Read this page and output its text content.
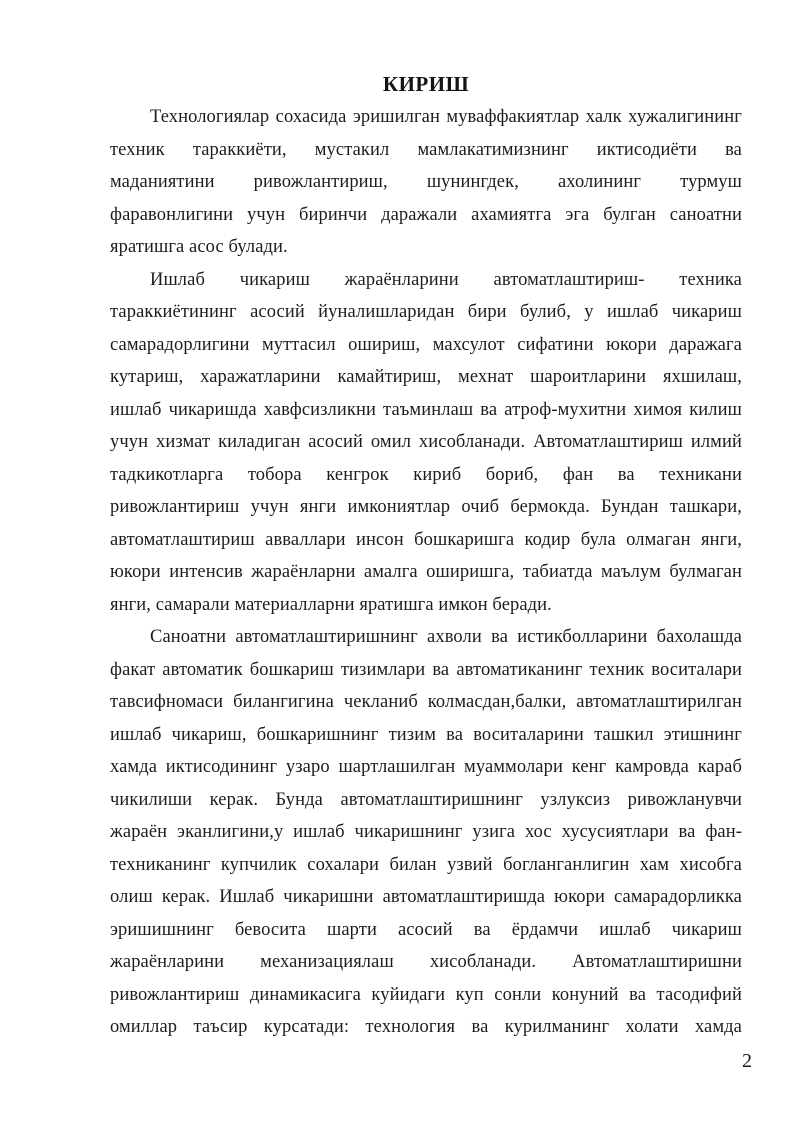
КИРИШ
Технологиялар сохасида эришилган муваффакиятлар халк хужалигининг
техник тараккиёти, мустакил мамлакатимизнинг иктисодиёти ва
маданиятини ривожлантириш, шунингдек, ахолининг турмуш
фаравонлигини учун биринчи даражали ахамиятга эга булган саноатни
яратишга асос булади.
Ишлаб чикариш жараёнларини автоматлаштириш- техника
тараккиётининг асосий йуналишларидан бири булиб, у ишлаб чикариш
самарадорлигини муттасил ошириш, махсулот сифатини юкори даражага
кутариш, харажатларини камайтириш, мехнат шароитларини яхшилаш,
ишлаб чикаришда хавфсизликни таъминлаш ва атроф-мухитни химоя килиш
учун хизмат киладиган асосий омил хисобланади. Автоматлаштириш илмий
тадкикотларга тобора кенгрок кириб бориб, фан ва техникани
ривожлантириш учун янги имкониятлар очиб бермокда. Бундан ташкари,
автоматлаштириш авваллари инсон бошкаришга кодир була олмаган янги,
юкори интенсив жараёнларни амалга оширишга, табиатда маълум булмаган
янги, самарали материалларни яратишга имкон беради.
Саноатни автоматлаштиришнинг ахволи ва истикболларини бахолашда
факат автоматик бошкариш тизимлари ва автоматиканинг техник воситалари
тавсифномаси билангигина чекланиб колмасдан,балки, автоматлаштирилган
ишлаб чикариш, бошкаришнинг тизим ва воситаларини ташкил этишнинг
хамда иктисодининг узаро шартлашилган муаммолари кенг камровда караб
чикилиши керак. Бунда автоматлаштиришнинг узлуксиз ривожланувчи
жараён эканлигини,у ишлаб чикаришнинг узига хос хусусиятлари ва фан-
техниканинг купчилик сохалари билан узвий богланганлигин хам хисобга
олиш керак. Ишлаб чикаришни автоматлаштиришда юкори самарадорликка
эришишнинг бевосита шарти асосий ва ёрдамчи ишлаб чикариш
жараёнларини механизациялаш хисобланади. Автоматлаштиришни
ривожлантириш динамикасига куйидаги куп сонли конуний ва тасодифий
омиллар таъсир курсатади: технология ва курилманинг холати хамда
2
